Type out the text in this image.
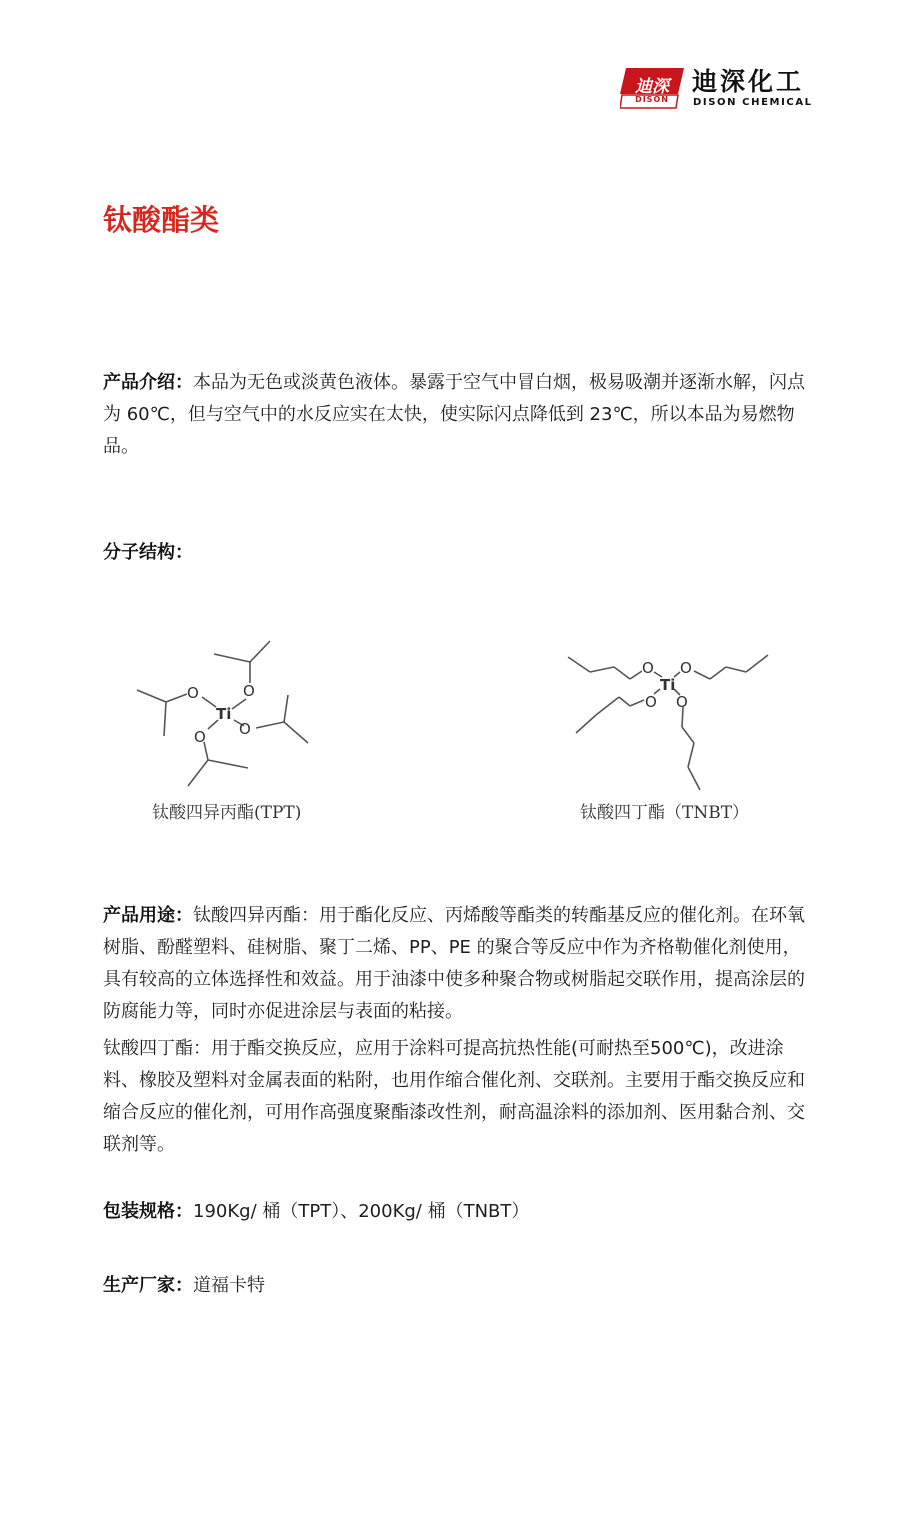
迪深
DISON
迪深化工
DISON CHEMICAL
钛酸酯类
产品介绍：本品为无色或淡黄色液体。暴露于空气中冒白烟，极易吸潮并逐渐水解，闪点为 60℃，但与空气中的水反应实在太快，使实际闪点降低到 23℃，所以本品为易燃物品。
分子结构：
O
O
O
O
Ti
钛酸四异丙酯(TPT)
O O
O O
Ti
钛酸四丁酯（TNBT）
产品用途：钛酸四异丙酯：用于酯化反应、丙烯酸等酯类的转酯基反应的催化剂。在环氧树脂、酚醛塑料、硅树脂、聚丁二烯、PP、PE 的聚合等反应中作为齐格勒催化剂使用，具有较高的立体选择性和效益。用于油漆中使多种聚合物或树脂起交联作用，提高涂层的防腐能力等，同时亦促进涂层与表面的粘接。
钛酸四丁酯：用于酯交换反应，应用于涂料可提高抗热性能(可耐热至500℃)，改进涂料、橡胶及塑料对金属表面的粘附，也用作缩合催化剂、交联剂。主要用于酯交换反应和缩合反应的催化剂，可用作高强度聚酯漆改性剂，耐高温涂料的添加剂、医用黏合剂、交联剂等。
包装规格：190Kg/ 桶（TPT）、200Kg/ 桶（TNBT）
生产厂家：道福卡特
